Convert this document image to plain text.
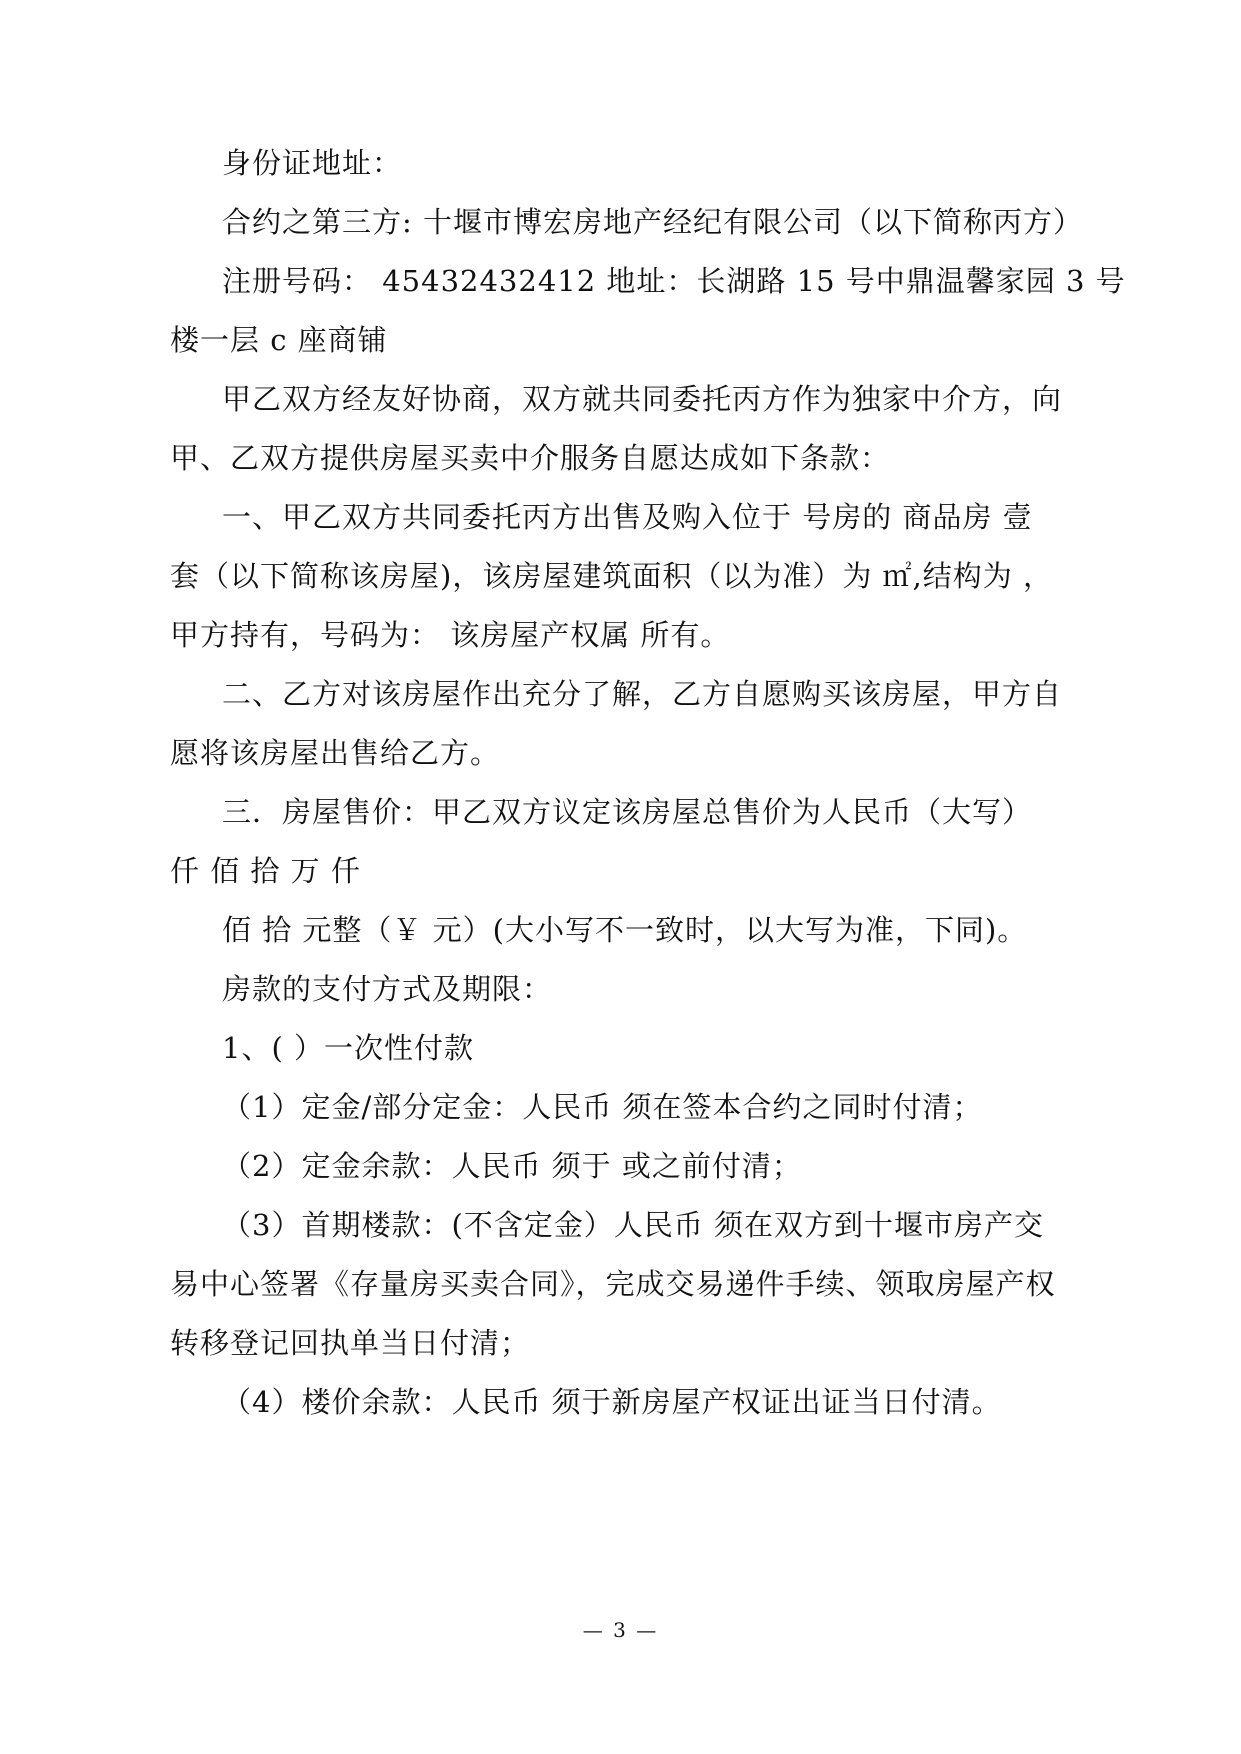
身份证地址：
合约之第三方: 十堰市博宏房地产经纪有限公司（以下简称丙方）
注册号码： 45432432412 地址：长湖路 15 号中鼎温馨家园 3 号
楼一层 c 座商铺
甲乙双方经友好协商，双方就共同委托丙方作为独家中介方，向
甲、乙双方提供房屋买卖中介服务自愿达成如下条款：
一、甲乙双方共同委托丙方出售及购入位于 号房的 商品房 壹
套（以下简称该房屋)，该房屋建筑面积（以为准）为 ㎡,结构为 ，
甲方持有，号码为： 该房屋产权属 所有。
二、乙方对该房屋作出充分了解，乙方自愿购买该房屋，甲方自
愿将该房屋出售给乙方。
三．房屋售价：甲乙双方议定该房屋总售价为人民币（大写）
仟 佰 拾 万 仟
佰 拾 元整（￥ 元）(大小写不一致时，以大写为准，下同)。
房款的支付方式及期限：
1、( ）一次性付款
（1）定金/部分定金：人民币 须在签本合约之同时付清；
（2）定金余款：人民币 须于 或之前付清；
（3）首期楼款：(不含定金）人民币 须在双方到十堰市房产交
易中心签署《存量房买卖合同》，完成交易递件手续、领取房屋产权
转移登记回执单当日付清；
（4）楼价余款：人民币 须于新房屋产权证出证当日付清。
— 3 —
